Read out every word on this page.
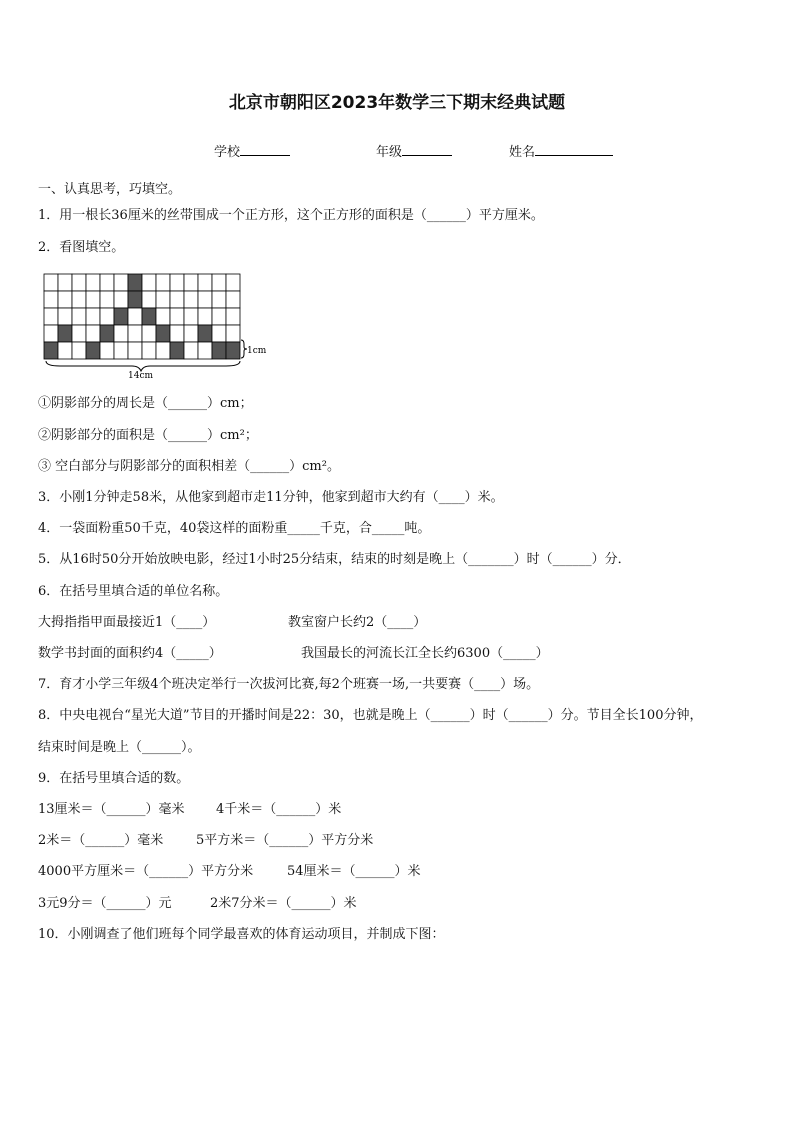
北京市朝阳区2023年数学三下期末经典试题
学校	年级	姓名
一、认真思考，巧填空。
1．用一根长36厘米的丝带围成一个正方形，这个正方形的面积是（______）平方厘米。
2．看图填空。
14cm
1cm
①阴影部分的周长是（______）cm；
②阴影部分的面积是（______）cm²；
③ 空白部分与阴影部分的面积相差（______）cm²。
3．小刚1分钟走58米，从他家到超市走11分钟，他家到超市大约有（____）米。
4．一袋面粉重50千克，40袋这样的面粉重_____千克，合_____吨。
5．从16时50分开始放映电影，经过1小时25分结束，结束的时刻是晚上（_______）时（______）分．
6．在括号里填合适的单位名称。
大拇指指甲面最接近1（____）	教室窗户长约2（____）
数学书封面的面积约4（_____）	我国最长的河流长江全长约6300（_____）
7．育才小学三年级4个班决定举行一次拔河比赛,每2个班赛一场,一共要赛（____）场。
8．中央电视台“星光大道”节目的开播时间是22：30，也就是晚上（______）时（______）分。节目全长100分钟，
结束时间是晚上（______）。
9．在括号里填合适的数。
13厘米＝（______）毫米 4千米＝（______）米
2米＝（______）毫米	5平方米＝（______）平方分米
4000平方厘米＝（______）平方分米	54厘米＝（______）米
3元9分＝（______）元	2米7分米＝（______）米
10．小刚调查了他们班每个同学最喜欢的体育运动项目，并制成下图：
